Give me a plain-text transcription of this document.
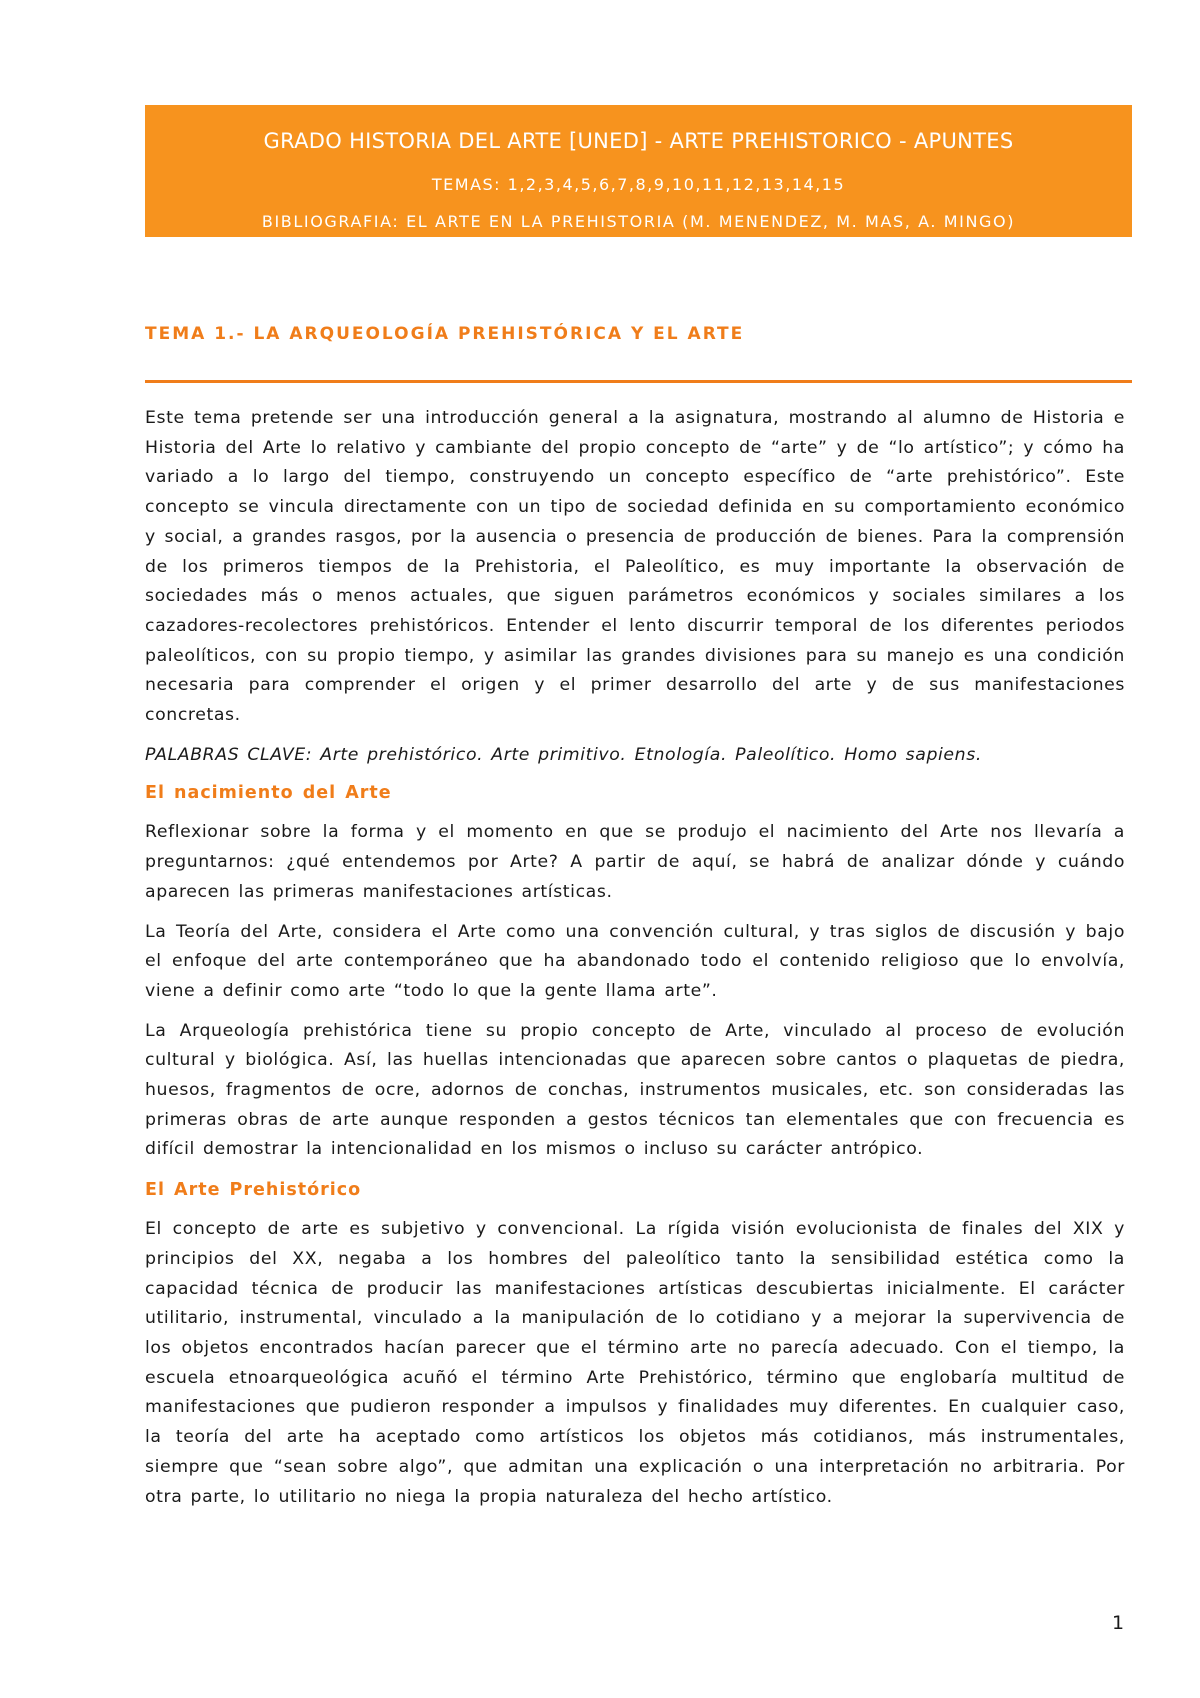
GRADO HISTORIA DEL ARTE [UNED] - ARTE PREHISTORICO - APUNTES
TEMAS: 1,2,3,4,5,6,7,8,9,10,11,12,13,14,15
BIBLIOGRAFIA: EL ARTE EN LA PREHISTORIA (M. MENENDEZ, M. MAS, A. MINGO)
TEMA 1.- LA ARQUEOLOGÍA PREHISTÓRICA Y EL ARTE

Este tema pretende ser una introducción general a la asignatura, mostrando al alumno de Historia e Historia del Arte lo relativo y cambiante del propio concepto de “arte” y de “lo artístico”; y cómo ha variado a lo largo del tiempo, construyendo un concepto específico de “arte prehistórico”. Este concepto se vincula directamente con un tipo de sociedad definida en su comportamiento económico y social, a grandes rasgos, por la ausencia o presencia de producción de bienes. Para la comprensión de los primeros tiempos de la Prehistoria, el Paleolítico, es muy importante la observación de sociedades más o menos actuales, que siguen parámetros económicos y sociales similares a los cazadores-recolectores prehistóricos. Entender el lento discurrir temporal de los diferentes periodos paleolíticos, con su propio tiempo, y asimilar las grandes divisiones para su manejo es una condición necesaria para comprender el origen y el primer desarrollo del arte y de sus manifestaciones concretas.

PALABRAS CLAVE: Arte prehistórico. Arte primitivo. Etnología. Paleolítico. Homo sapiens.

El nacimiento del Arte

Reflexionar sobre la forma y el momento en que se produjo el nacimiento del Arte nos llevaría a preguntarnos: ¿qué entendemos por Arte? A partir de aquí, se habrá de analizar dónde y cuándo aparecen las primeras manifestaciones artísticas.

La Teoría del Arte, considera el Arte como una convención cultural, y tras siglos de discusión y bajo el enfoque del arte contemporáneo que ha abandonado todo el contenido religioso que lo envolvía, viene a definir como arte “todo lo que la gente llama arte”.

La Arqueología prehistórica tiene su propio concepto de Arte, vinculado al proceso de evolución cultural y biológica. Así, las huellas intencionadas que aparecen sobre cantos o plaquetas de piedra, huesos, fragmentos de ocre, adornos de conchas, instrumentos musicales, etc. son consideradas las primeras obras de arte aunque responden a gestos técnicos tan elementales que con frecuencia es difícil demostrar la intencionalidad en los mismos o incluso su carácter antrópico.

El Arte Prehistórico

El concepto de arte es subjetivo y convencional. La rígida visión evolucionista de finales del XIX y principios del XX, negaba a los hombres del paleolítico tanto la sensibilidad estética como la capacidad técnica de producir las manifestaciones artísticas descubiertas inicialmente. El carácter utilitario, instrumental, vinculado a la manipulación de lo cotidiano y a mejorar la supervivencia de los objetos encontrados hacían parecer que el término arte no parecía adecuado. Con el tiempo, la escuela etnoarqueológica acuñó el término Arte Prehistórico, término que englobaría multitud de manifestaciones que pudieron responder a impulsos y finalidades muy diferentes. En cualquier caso, la teoría del arte ha aceptado como artísticos los objetos más cotidianos, más instrumentales, siempre que “sean sobre algo”, que admitan una explicación o una interpretación no arbitraria. Por otra parte, lo utilitario no niega la propia naturaleza del hecho artístico.

1
